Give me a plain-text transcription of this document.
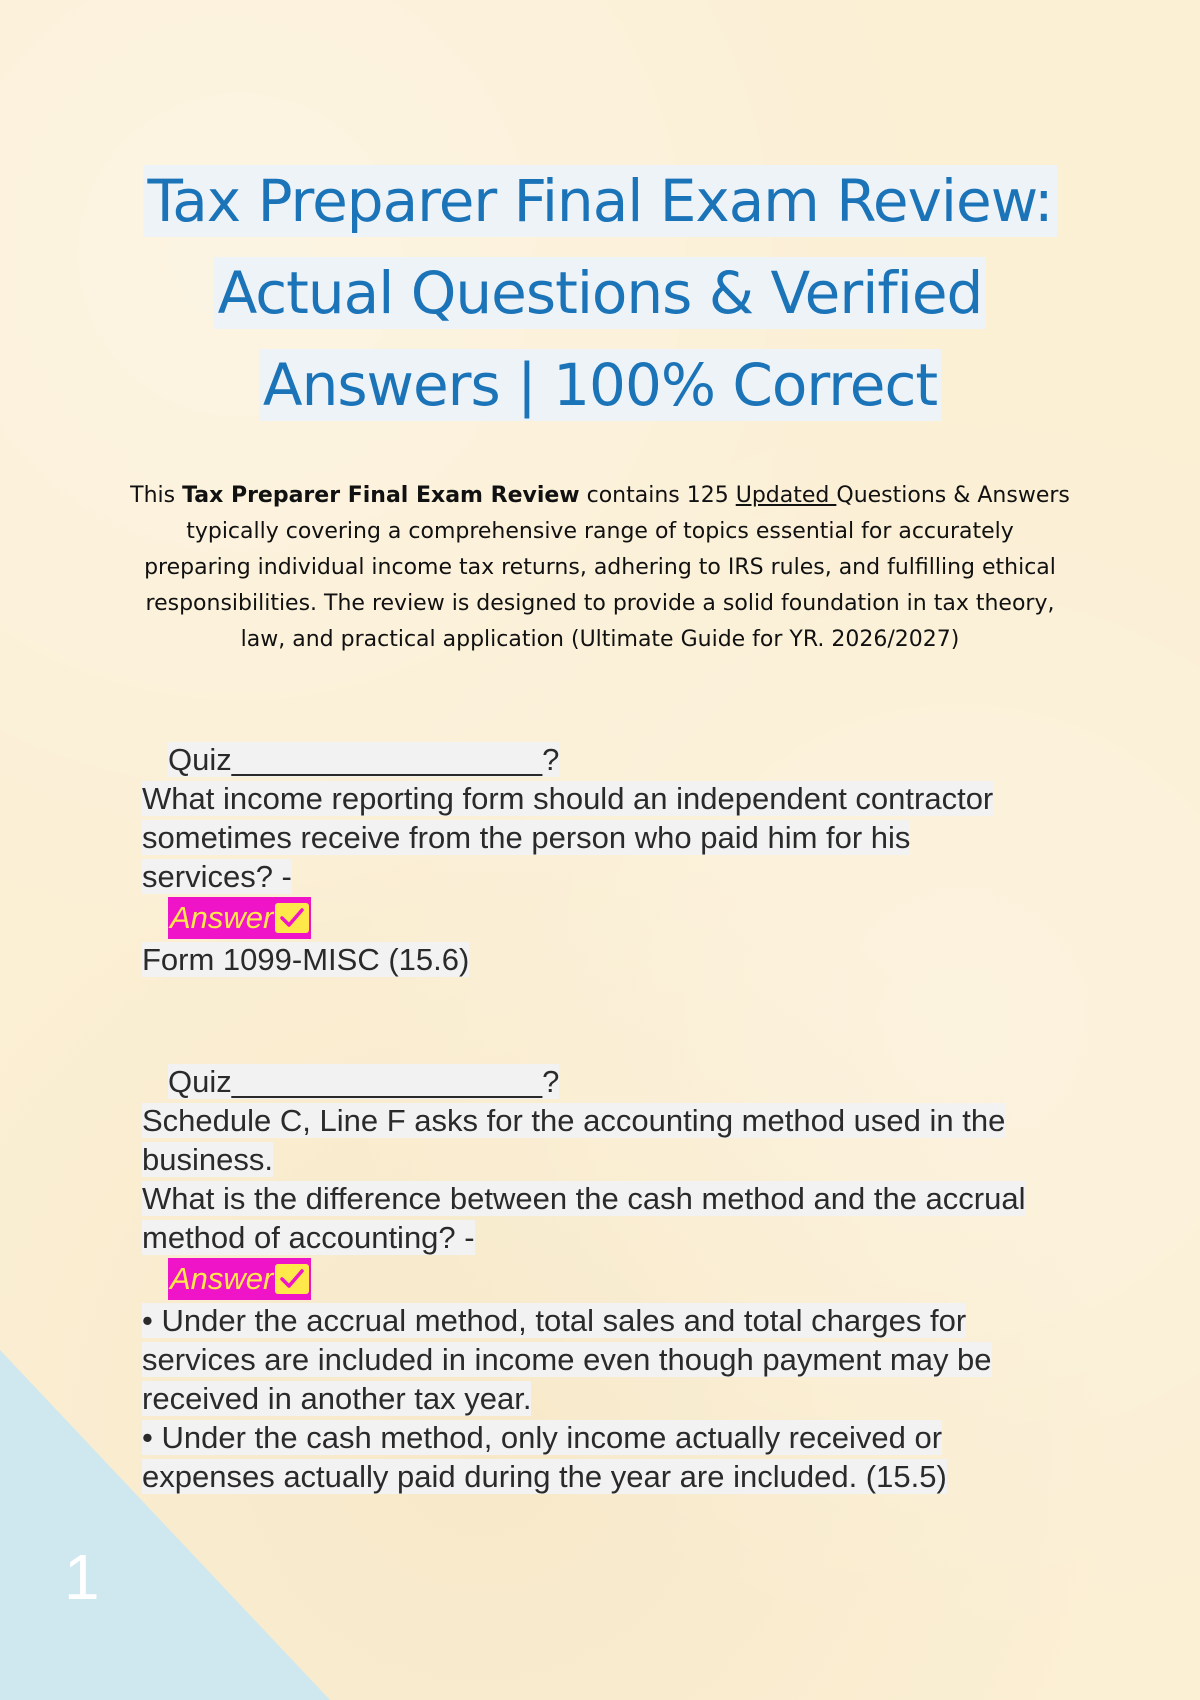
1
Tax Preparer Final Exam Review:
Actual Questions & Verified
Answers | 100% Correct
This Tax Preparer Final Exam Review contains 125 Updated Questions & Answers typically covering a comprehensive range of topics essential for accurately preparing individual income tax returns, adhering to IRS rules, and fulfilling ethical responsibilities. The review is designed to provide a solid foundation in tax theory, law, and practical application (Ultimate Guide for YR. 2026/2027)
Quiz__________________?
What income reporting form should an independent contractor
sometimes receive from the person who paid him for his
services? -
Answer
Form 1099-MISC (15.6)
Quiz__________________?
Schedule C, Line F asks for the accounting method used in the
business.
What is the difference between the cash method and the accrual
method of accounting? -
Answer
• Under the accrual method, total sales and total charges for
services are included in income even though payment may be
received in another tax year.
• Under the cash method, only income actually received or
expenses actually paid during the year are included. (15.5)
